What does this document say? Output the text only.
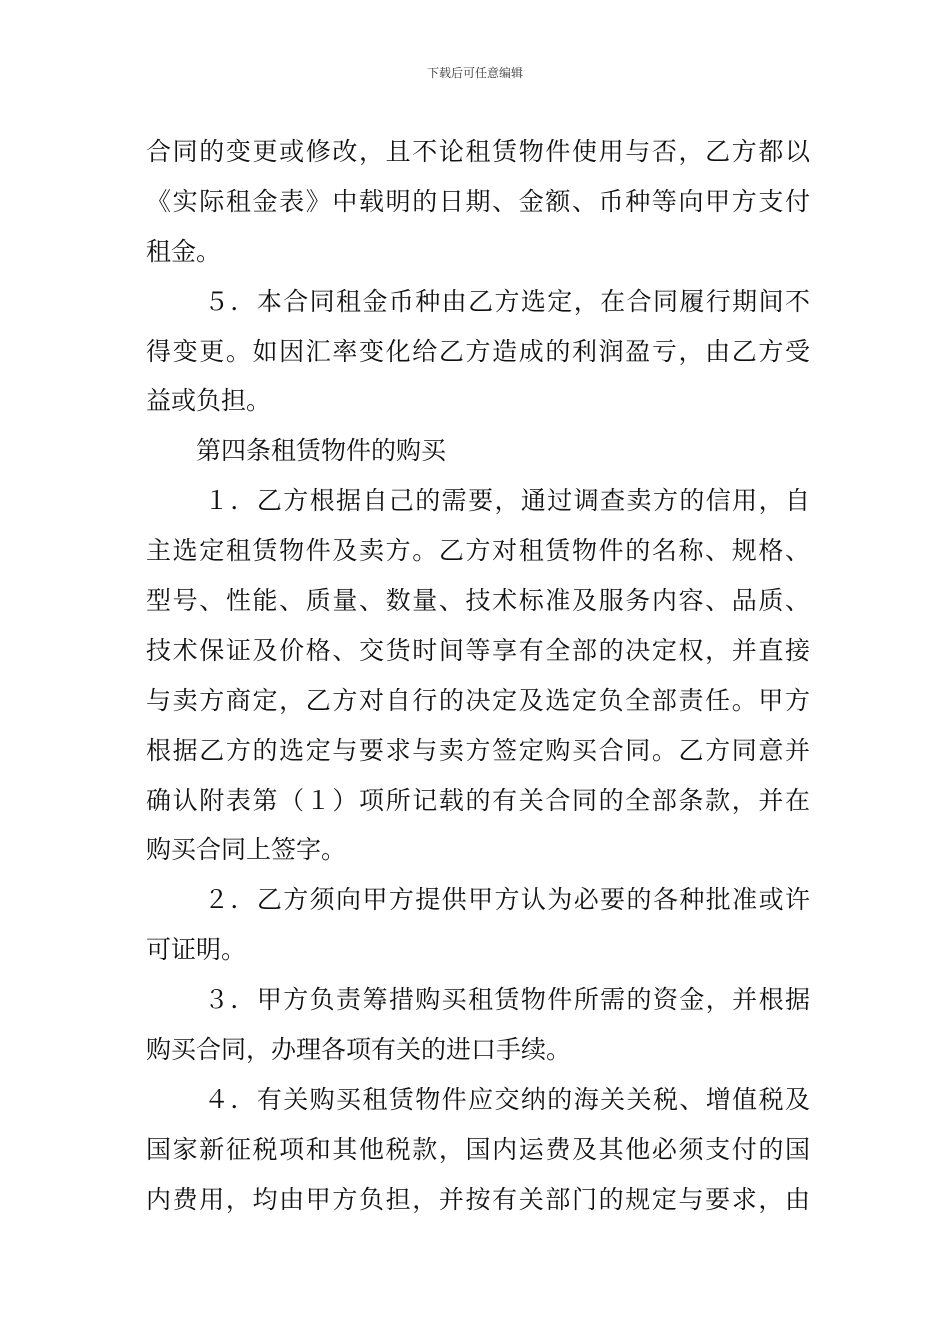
下载后可任意编辑
合同的变更或修改，且不论租赁物件使用与否，乙方都以
《实际租金表》中载明的日期、金额、币种等向甲方支付
租金。
５．本合同租金币种由乙方选定，在合同履行期间不
得变更。如因汇率变化给乙方造成的利润盈亏，由乙方受
益或负担。
第四条租赁物件的购买
１．乙方根据自己的需要，通过调查卖方的信用，自
主选定租赁物件及卖方。乙方对租赁物件的名称、规格、
型号、性能、质量、数量、技术标准及服务内容、品质、
技术保证及价格、交货时间等享有全部的决定权，并直接
与卖方商定，乙方对自行的决定及选定负全部责任。甲方
根据乙方的选定与要求与卖方签定购买合同。乙方同意并
确认附表第（１）项所记载的有关合同的全部条款，并在
购买合同上签字。
２．乙方须向甲方提供甲方认为必要的各种批准或许
可证明。
３．甲方负责筹措购买租赁物件所需的资金，并根据
购买合同，办理各项有关的进口手续。
４．有关购买租赁物件应交纳的海关关税、增值税及
国家新征税项和其他税款，国内运费及其他必须支付的国
内费用，均由甲方负担，并按有关部门的规定与要求，由
